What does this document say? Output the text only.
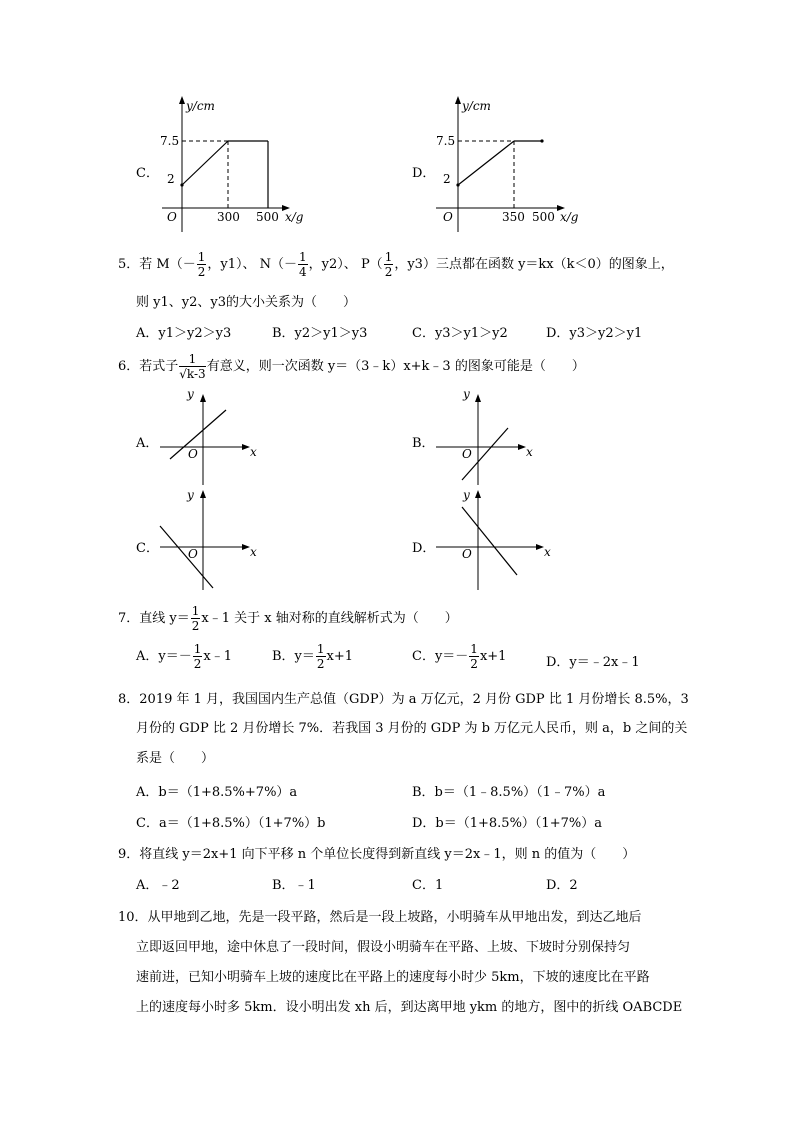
C．
y/cm
7.5
2
O	300 500 x/g
D．
y/cm
7.5
2
O	350 500 x/g
5．若 $M(- \frac{1}{2}$ ，y1）、 $N(- \frac{1}{4}$ ，y2）、 $P( \frac{1}{2}$ ，y3）三点都在函数 y＝kx（k＜0）的图象上，
则 y1、y2、y3的大小关系为（　　）
A．y1＞y2＞y3	B．y2＞y1＞y3	C．y3＞y1＞y2	D．y3＞y2＞y1
6．若式子 $\frac{1}{√k-3}$ 有意义，则一次函数 y＝（3﹣k）x+k﹣3 的图象可能是（　　）
A．	B．
C．	D．
y
O	x
y
O	x
y
O	x
y
O	x
7．直线 $y= \frac{1}{2}$ x﹣1 关于 x 轴对称的直线解析式为（　　）
A．$y=- \frac{1}{2}$ x﹣1	B．$y= \frac{1}{2} x+1$	C．$y=- \frac{1}{2} x+1$	D．y＝﹣2x﹣1
8．2019 年 1 月，我国国内生产总值（GDP）为 a 万亿元，2 月份 GDP 比 1 月份增长 8.5%，3
月份的 GDP 比 2 月份增长 7%．若我国 3 月份的 GDP 为 b 万亿元人民币，则 a，b 之间的关
系是（　　）
A．b＝（1+8.5%+7%）a	B．b＝（1﹣8.5%）（1﹣7%）a
C．a＝（1+8.5%）（1+7%）b	D．b＝（1+8.5%）（1+7%）a
9．将直线 y＝2x+1 向下平移 n 个单位长度得到新直线 y＝2x﹣1，则 n 的值为（　　）
A．﹣2	B．﹣1	C．1	D．2
10．从甲地到乙地，先是一段平路，然后是一段上坡路，小明骑车从甲地出发，到达乙地后
立即返回甲地，途中休息了一段时间，假设小明骑车在平路、上坡、下坡时分别保持匀
速前进，已知小明骑车上坡的速度比在平路上的速度每小时少 5km，下坡的速度比在平路
上的速度每小时多 5km．设小明出发 xh 后，到达离甲地 ykm 的地方，图中的折线 OABCDE
